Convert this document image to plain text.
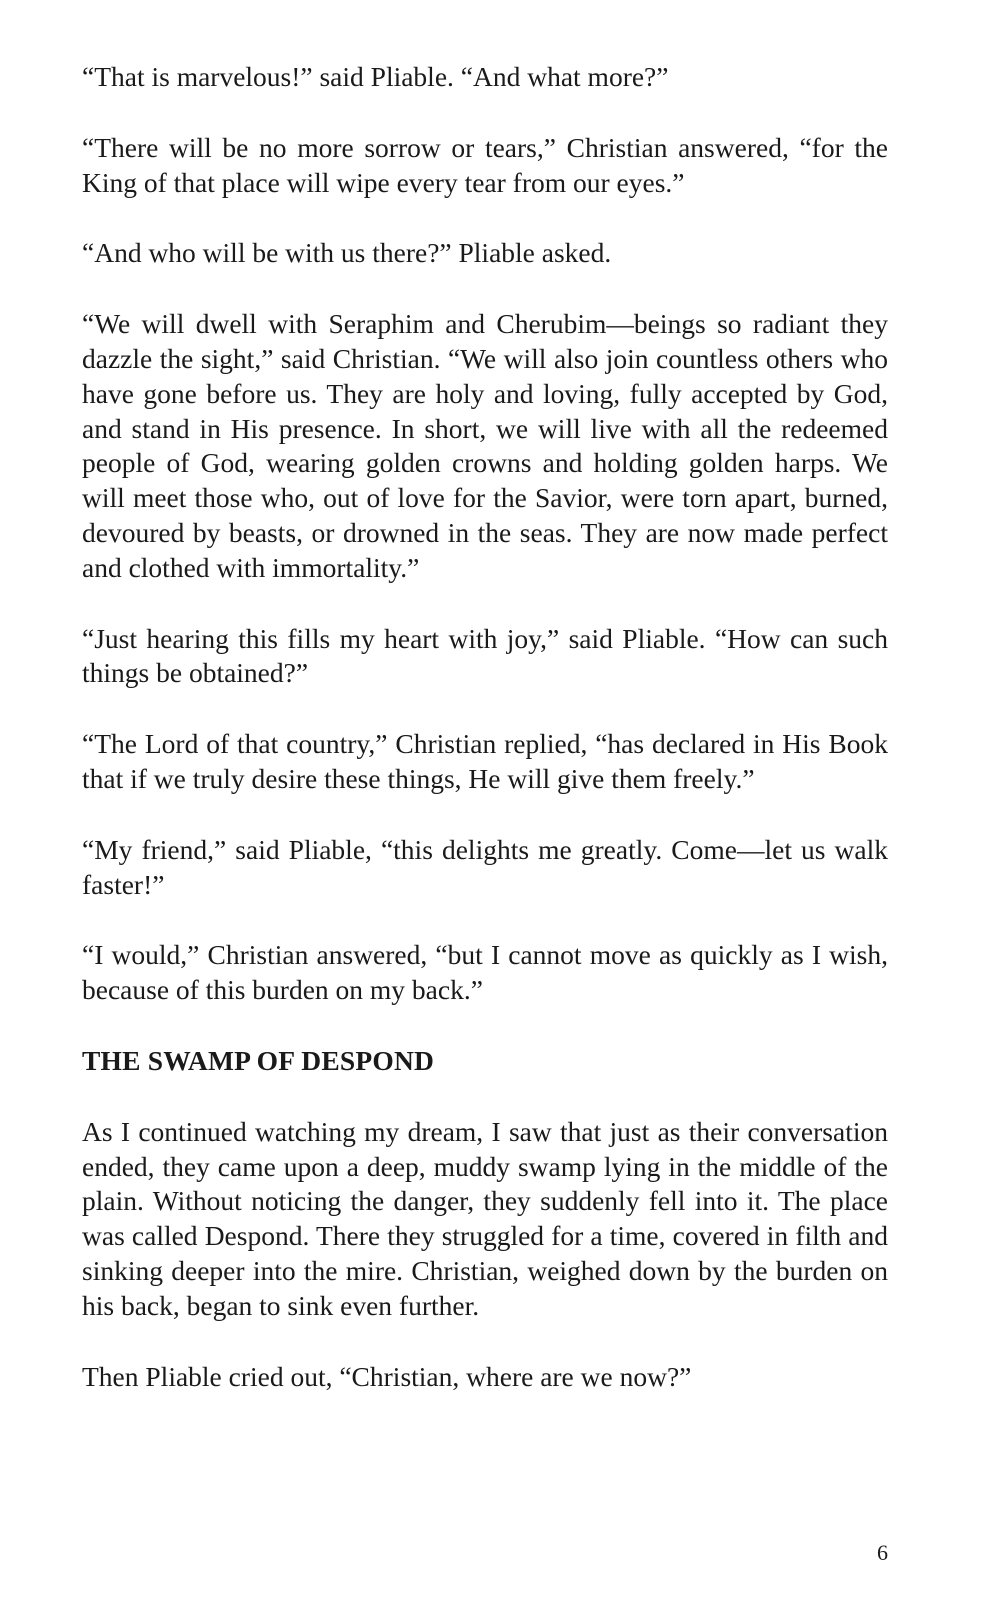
“That is marvelous!” said Pliable. “And what more?”

“There will be no more sorrow or tears,” Christian answered, “for the King of that place will wipe every tear from our eyes.”

“And who will be with us there?” Pliable asked.

“We will dwell with Seraphim and Cherubim—beings so radiant they dazzle the sight,” said Christian. “We will also join countless others who have gone before us. They are holy and loving, fully accepted by God, and stand in His presence. In short, we will live with all the redeemed people of God, wearing golden crowns and holding golden harps. We will meet those who, out of love for the Savior, were torn apart, burned, devoured by beasts, or drowned in the seas. They are now made perfect and clothed with immortality.”

“Just hearing this fills my heart with joy,” said Pliable. “How can such things be obtained?”

“The Lord of that country,” Christian replied, “has declared in His Book that if we truly desire these things, He will give them freely.”

“My friend,” said Pliable, “this delights me greatly. Come—let us walk faster!”

“I would,” Christian answered, “but I cannot move as quickly as I wish, because of this burden on my back.”

THE SWAMP OF DESPOND

As I continued watching my dream, I saw that just as their conversation ended, they came upon a deep, muddy swamp lying in the middle of the plain. Without noticing the danger, they suddenly fell into it. The place was called Despond. There they struggled for a time, covered in filth and sinking deeper into the mire. Christian, weighed down by the burden on his back, began to sink even further.

Then Pliable cried out, “Christian, where are we now?”

6
